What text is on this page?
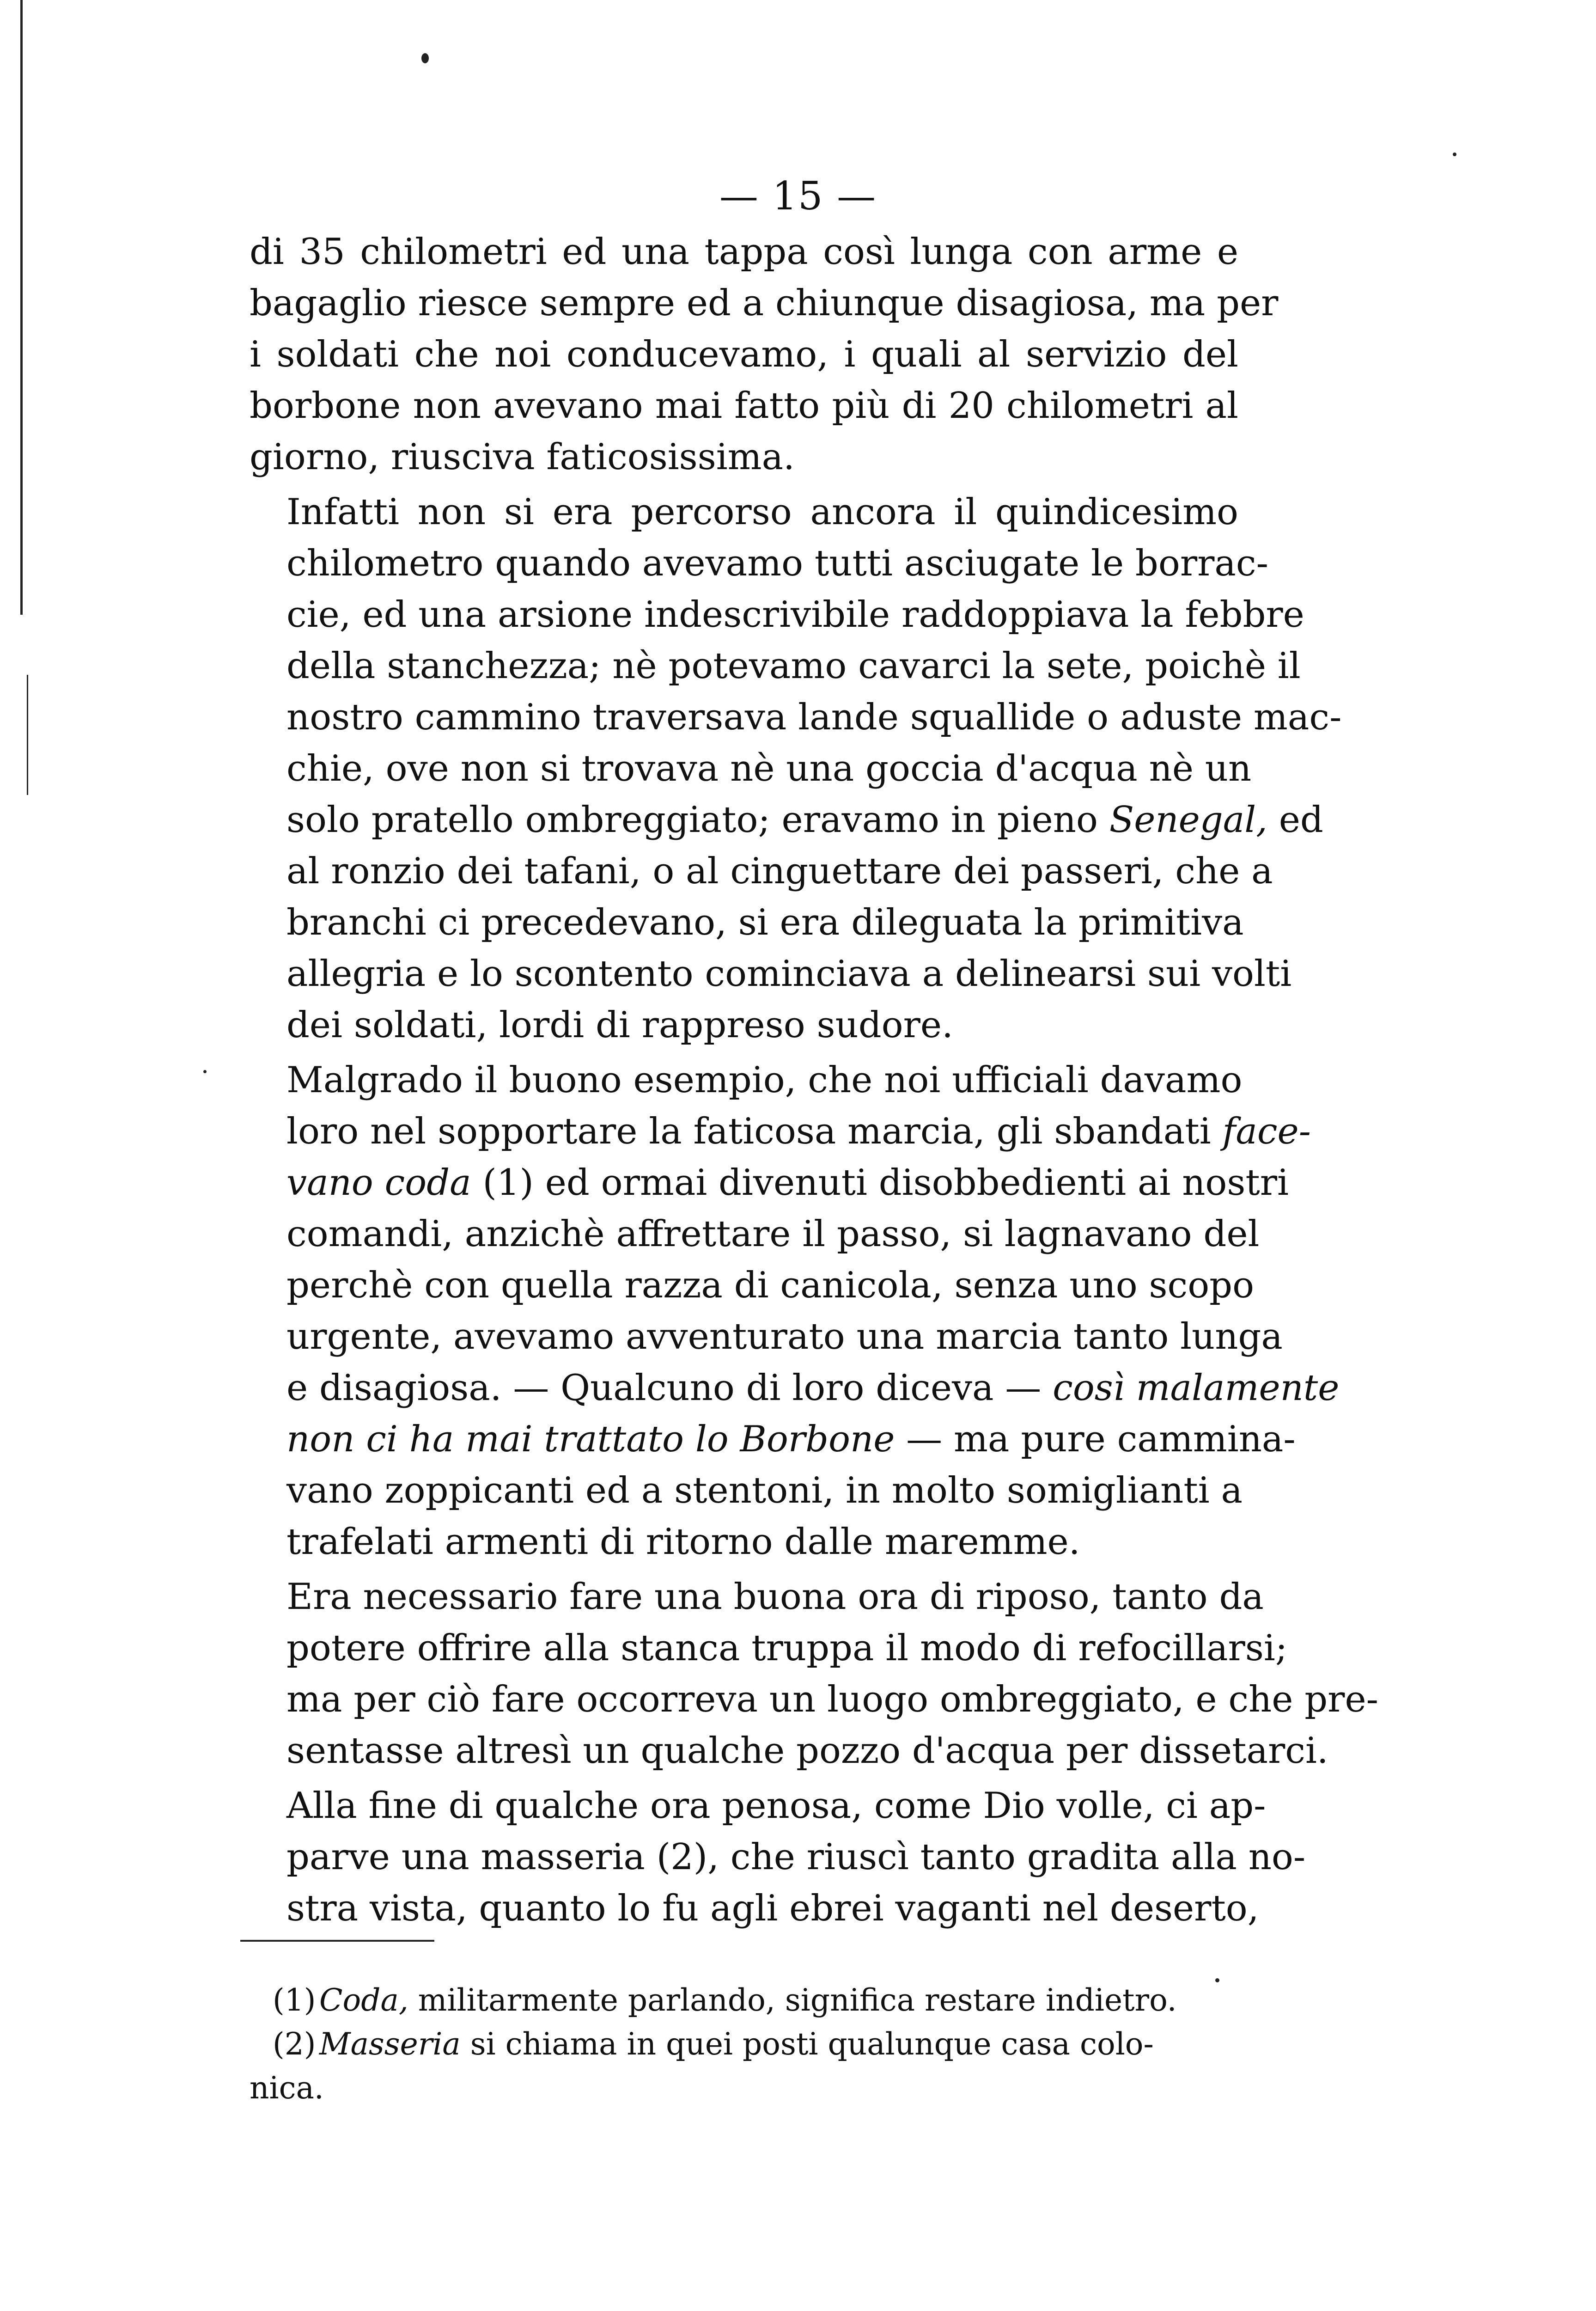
— 15 —
di 35 chilometri ed una tappa così lunga con arme e
bagaglio riesce sempre ed a chiunque disagiosa, ma per
i soldati che noi conducevamo, i quali al servizio del
borbone non avevano mai fatto più di 20 chilometri al
giorno, riusciva faticosissima.
Infatti non si era percorso ancora il quindicesimo
chilometro quando avevamo tutti asciugate le borrac-
cie, ed una arsione indescrivibile raddoppiava la febbre
della stanchezza; nè potevamo cavarci la sete, poichè il
nostro cammino traversava lande squallide o aduste mac-
chie, ove non si trovava nè una goccia d'acqua nè un
solo pratello ombreggiato; eravamo in pieno Senegal, ed
al ronzio dei tafani, o al cinguettare dei passeri, che a
branchi ci precedevano, si era dileguata la primitiva
allegria e lo scontento cominciava a delinearsi sui volti
dei soldati, lordi di rappreso sudore.
Malgrado il buono esempio, che noi ufficiali davamo
loro nel sopportare la faticosa marcia, gli sbandati face-
vano coda (1) ed ormai divenuti disobbedienti ai nostri
comandi, anzichè affrettare il passo, si lagnavano del
perchè con quella razza di canicola, senza uno scopo
urgente, avevamo avventurato una marcia tanto lunga
e disagiosa. — Qualcuno di loro diceva — così malamente
non ci ha mai trattato lo Borbone — ma pure cammina-
vano zoppicanti ed a stentoni, in molto somiglianti a
trafelati armenti di ritorno dalle maremme.
Era necessario fare una buona ora di riposo, tanto da
potere offrire alla stanca truppa il modo di refocillarsi;
ma per ciò fare occorreva un luogo ombreggiato, e che pre-
sentasse altresì un qualche pozzo d'acqua per dissetarci.
Alla fine di qualche ora penosa, come Dio volle, ci ap-
parve una masseria (2), che riuscì tanto gradita alla no-
stra vista, quanto lo fu agli ebrei vaganti nel deserto,
(1) Coda, militarmente parlando, significa restare indietro.
(2) Masseria si chiama in quei posti qualunque casa colo-
nica.
